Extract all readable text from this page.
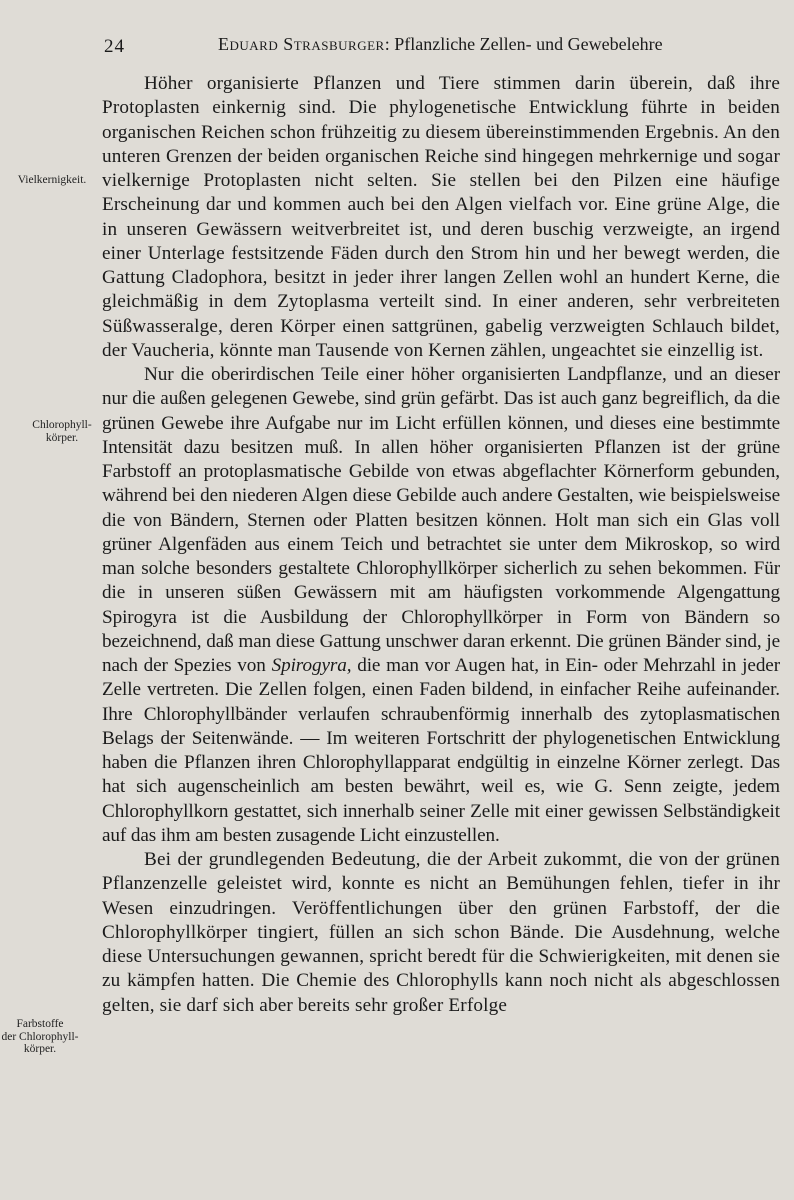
24	Eduard Strasburger: Pflanzliche Zellen- und Gewebelehre
Vielkernigkeit.
Chlorophyll-
körper.
Farbstoffe
der Chlorophyll-
körper.

Höher organisierte Pflanzen und Tiere stimmen darin überein, daß ihre Protoplasten einkernig sind. Die phylogenetische Entwicklung führte in beiden organischen Reichen schon frühzeitig zu diesem übereinstimmenden Ergebnis. An den unteren Grenzen der beiden organischen Reiche sind hingegen mehrkernige und sogar vielkernige Protoplasten nicht selten. Sie stellen bei den Pilzen eine häufige Erscheinung dar und kommen auch bei den Algen vielfach vor. Eine grüne Alge, die in unseren Gewässern weitverbreitet ist, und deren buschig verzweigte, an irgend einer Unterlage festsitzende Fäden durch den Strom hin und her bewegt werden, die Gattung Cladophora, besitzt in jeder ihrer langen Zellen wohl an hundert Kerne, die gleichmäßig in dem Zytoplasma verteilt sind. In einer anderen, sehr verbreiteten Süßwasseralge, deren Körper einen sattgrünen, gabelig verzweigten Schlauch bildet, der Vaucheria, könnte man Tausende von Kernen zählen, ungeachtet sie einzellig ist.

Nur die oberirdischen Teile einer höher organisierten Landpflanze, und an dieser nur die außen gelegenen Gewebe, sind grün gefärbt. Das ist auch ganz begreiflich, da die grünen Gewebe ihre Aufgabe nur im Licht erfüllen können, und dieses eine bestimmte Intensität dazu besitzen muß. In allen höher organisierten Pflanzen ist der grüne Farbstoff an protoplasmatische Gebilde von etwas abgeflachter Körnerform gebunden, während bei den niederen Algen diese Gebilde auch andere Gestalten, wie beispielsweise die von Bändern, Sternen oder Platten besitzen können. Holt man sich ein Glas voll grüner Algenfäden aus einem Teich und betrachtet sie unter dem Mikroskop, so wird man solche besonders gestaltete Chlorophyllkörper sicherlich zu sehen bekommen. Für die in unseren süßen Gewässern mit am häufigsten vorkommende Algengattung Spirogyra ist die Ausbildung der Chlorophyllkörper in Form von Bändern so bezeichnend, daß man diese Gattung unschwer daran erkennt. Die grünen Bänder sind, je nach der Spezies von Spirogyra, die man vor Augen hat, in Ein- oder Mehrzahl in jeder Zelle vertreten. Die Zellen folgen, einen Faden bildend, in einfacher Reihe aufeinander. Ihre Chlorophyllbänder verlaufen schraubenförmig innerhalb des zytoplasmatischen Belags der Seitenwände. — Im weiteren Fortschritt der phylogenetischen Entwicklung haben die Pflanzen ihren Chlorophyllapparat endgültig in einzelne Körner zerlegt. Das hat sich augenscheinlich am besten bewährt, weil es, wie G. Senn zeigte, jedem Chlorophyllkorn gestattet, sich innerhalb seiner Zelle mit einer gewissen Selbständigkeit auf das ihm am besten zusagende Licht einzustellen.

Bei der grundlegenden Bedeutung, die der Arbeit zukommt, die von der grünen Pflanzenzelle geleistet wird, konnte es nicht an Bemühungen fehlen, tiefer in ihr Wesen einzudringen. Veröffentlichungen über den grünen Farbstoff, der die Chlorophyllkörper tingiert, füllen an sich schon Bände. Die Ausdehnung, welche diese Untersuchungen gewannen, spricht beredt für die Schwierigkeiten, mit denen sie zu kämpfen hatten. Die Chemie des Chlorophylls kann noch nicht als abgeschlossen gelten, sie darf sich aber bereits sehr großer Erfolge
